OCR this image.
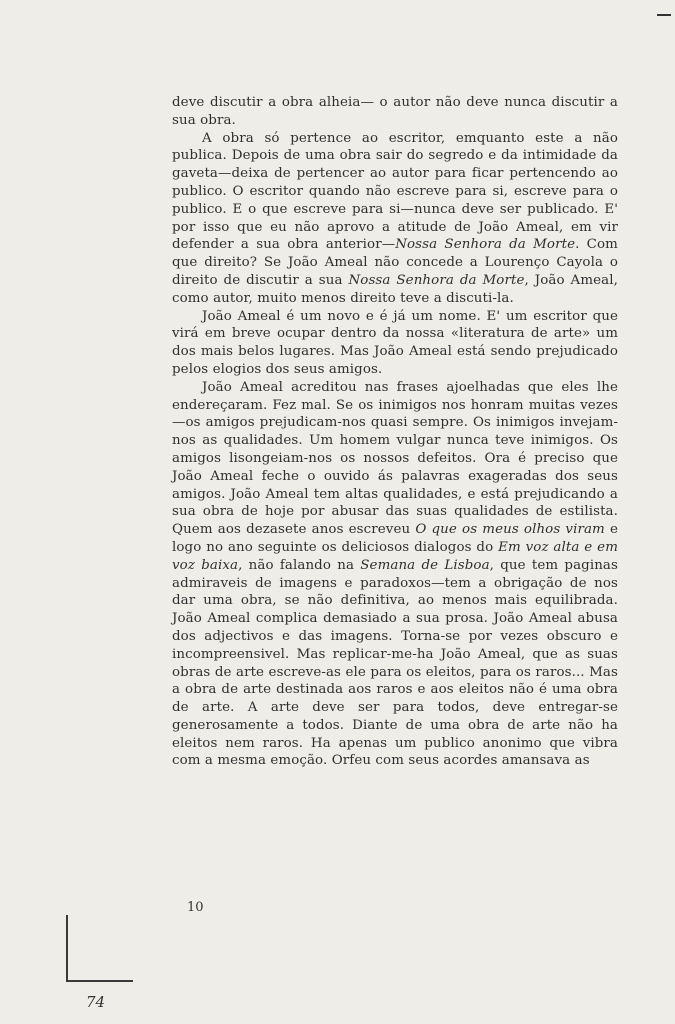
deve discutir a obra alheia— o autor não deve nunca discutir a sua obra.

A obra só pertence ao escritor, emquanto este a não publica. Depois de uma obra sair do segredo e da intimidade da gaveta—deixa de pertencer ao autor para ficar pertencendo ao publico. O escritor quando não escreve para si, escreve para o publico. E o que escreve para si—nunca deve ser publicado. E' por isso que eu não aprovo a atitude de João Ameal, em vir defender a sua obra anterior—Nossa Senhora da Morte. Com que direito? Se João Ameal não concede a Lourenço Cayola o direito de discutir a sua Nossa Senhora da Morte, João Ameal, como autor, muito menos direito teve a discuti-la.

João Ameal é um novo e é já um nome. E' um escritor que virá em breve ocupar dentro da nossa «literatura de arte» um dos mais belos lugares. Mas João Ameal está sendo prejudicado pelos elogios dos seus amigos.

João Ameal acreditou nas frases ajoelhadas que eles lhe endereçaram. Fez mal. Se os inimigos nos honram muitas vezes—os amigos prejudicam-nos quasi sempre. Os inimigos invejam-nos as qualidades. Um homem vulgar nunca teve inimigos. Os amigos lisongeiam-nos os nossos defeitos. Ora é preciso que João Ameal feche o ouvido ás palavras exageradas dos seus amigos. João Ameal tem altas qualidades, e está prejudicando a sua obra de hoje por abusar das suas qualidades de estilista. Quem aos dezasete anos escreveu O que os meus olhos viram e logo no ano seguinte os deliciosos dialogos do Em voz alta e em voz baixa, não falando na Semana de Lisboa, que tem paginas admiraveis de imagens e paradoxos—tem a obrigação de nos dar uma obra, se não definitiva, ao menos mais equilibrada. João Ameal complica demasiado a sua prosa. João Ameal abusa dos adjectivos e das imagens. Torna-se por vezes obscuro e incompreensivel. Mas replicar-me-ha João Ameal, que as suas obras de arte escreve-as ele para os eleitos, para os raros... Mas a obra de arte destinada aos raros e aos eleitos não é uma obra de arte. A arte deve ser para todos, deve entregar-se generosamente a todos. Diante de uma obra de arte não ha eleitos nem raros. Ha apenas um publico anonimo que vibra com a mesma emoção. Orfeu com seus acordes amansava as

10
74
